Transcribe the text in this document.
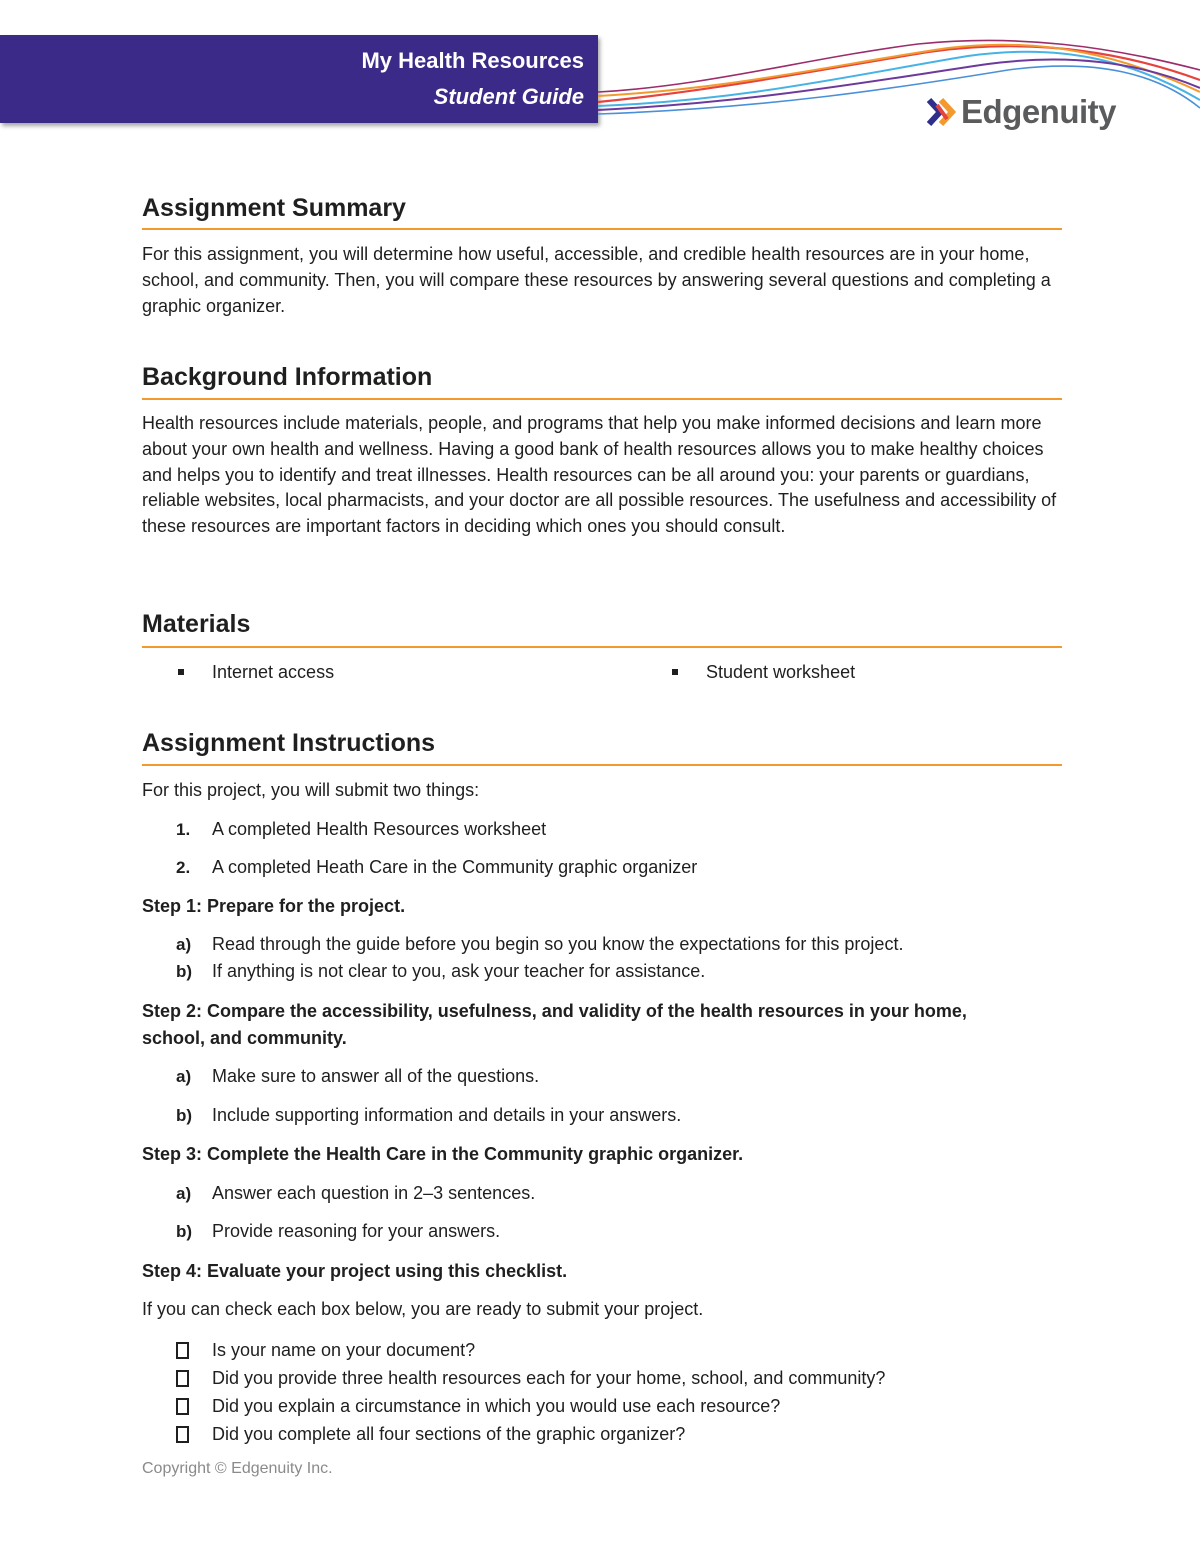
My Health Resources
Student Guide	Edgenuity
Assignment Summary
For this assignment, you will determine how useful, accessible, and credible health resources are in your home, school, and community. Then, you will compare these resources by answering several questions and completing a graphic organizer.
Background Information
Health resources include materials, people, and programs that help you make informed decisions and learn more about your own health and wellness. Having a good bank of health resources allows you to make healthy choices and helps you to identify and treat illnesses. Health resources can be all around you: your parents or guardians, reliable websites, local pharmacists, and your doctor are all possible resources. The usefulness and accessibility of these resources are important factors in deciding which ones you should consult.
Materials
Internet access	Student worksheet
Assignment Instructions
For this project, you will submit two things:
1. A completed Health Resources worksheet
2. A completed Heath Care in the Community graphic organizer
Step 1: Prepare for the project.
a) Read through the guide before you begin so you know the expectations for this project.
b) If anything is not clear to you, ask your teacher for assistance.
Step 2: Compare the accessibility, usefulness, and validity of the health resources in your home,
school, and community.
a) Make sure to answer all of the questions.
b) Include supporting information and details in your answers.
Step 3: Complete the Health Care in the Community graphic organizer.
a) Answer each question in 2–3 sentences.
b) Provide reasoning for your answers.
Step 4: Evaluate your project using this checklist.
If you can check each box below, you are ready to submit your project.
Is your name on your document?
Did you provide three health resources each for your home, school, and community?
Did you explain a circumstance in which you would use each resource?
Did you complete all four sections of the graphic organizer?
Copyright © Edgenuity Inc.
